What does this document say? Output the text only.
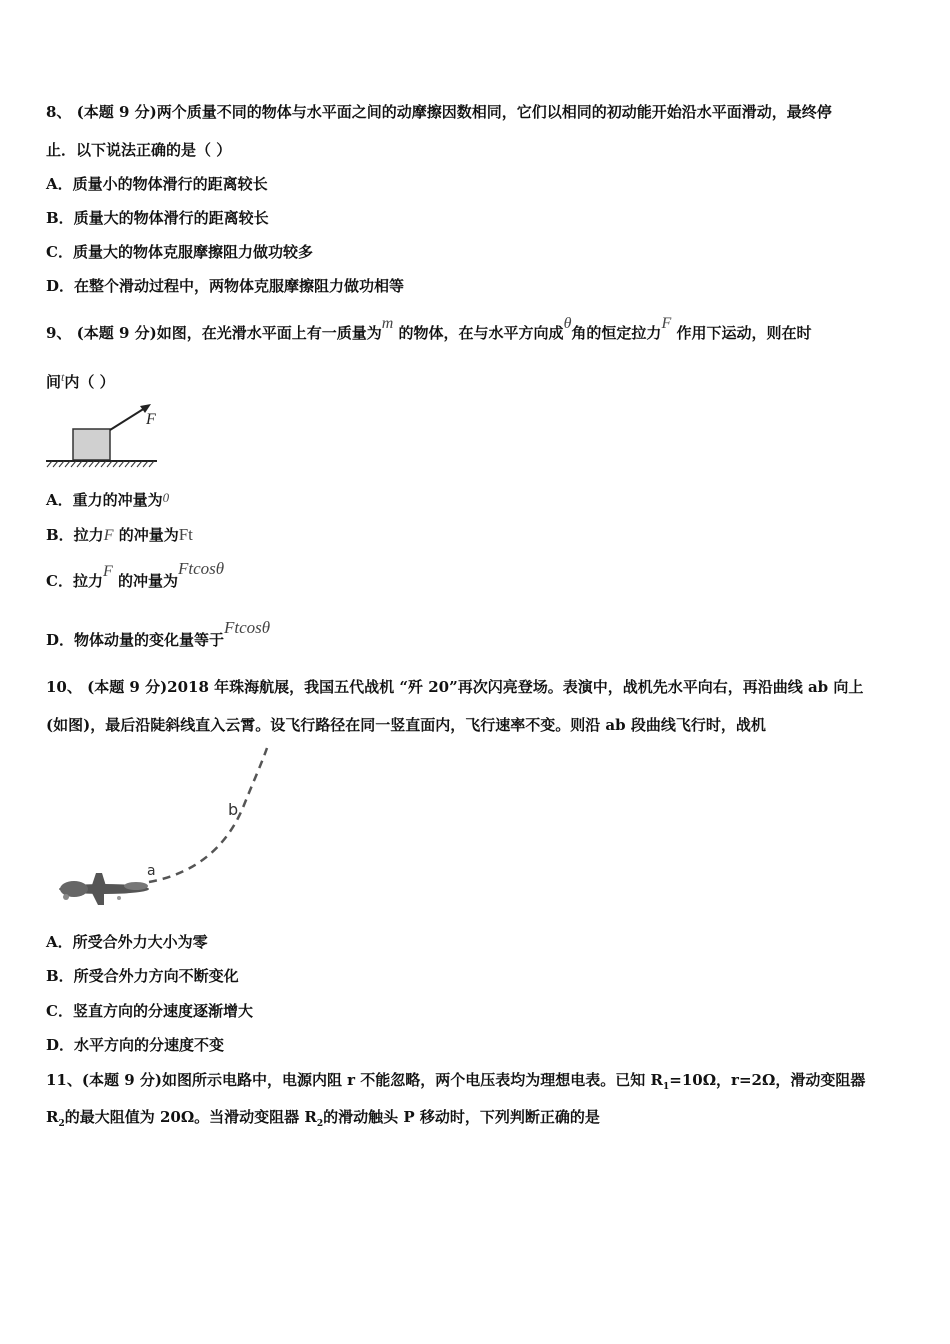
8、 (本题 9 分)两个质量不同的物体与水平面之间的动摩擦因数相同，它们以相同的初动能开始沿水平面滑动，最终停
止．以下说法正确的是（ ）
A．质量小的物体滑行的距离较长
B．质量大的物体滑行的距离较长
C．质量大的物体克服摩擦阻力做功较多
D．在整个滑动过程中，两物体克服摩擦阻力做功相等
9、 (本题 9 分)如图，在光滑水平面上有一质量为m 的物体，在与水平方向成θ角的恒定拉力F 作用下运动，则在时
间$^t$内（ ）
F
A．重力的冲量为0
B．拉力F 的冲量为Ft
C．拉力F 的冲量为Ftcosθ
D．物体动量的变化量等于Ftcosθ
10、 (本题 9 分)2018 年珠海航展，我国五代战机 “歼 20”再次闪亮登场。表演中，战机先水平向右，再沿曲线 ab 向上
(如图)，最后沿陡斜线直入云霄。设飞行路径在同一竖直面内，飞行速率不变。则沿 ab 段曲线飞行时，战机
b
a
A．所受合外力大小为零
B．所受合外力方向不断变化
C．竖直方向的分速度逐渐增大
D．水平方向的分速度不变
11、(本题 9 分)如图所示电路中，电源内阻 r 不能忽略，两个电压表均为理想电表。已知 $R_1=10\Omega$，r=2Ω，滑动变阻器
$R_2$的最大阻值为 20Ω。当滑动变阻器 $R_2$的滑动触头 P 移动时，下列判断正确的是
